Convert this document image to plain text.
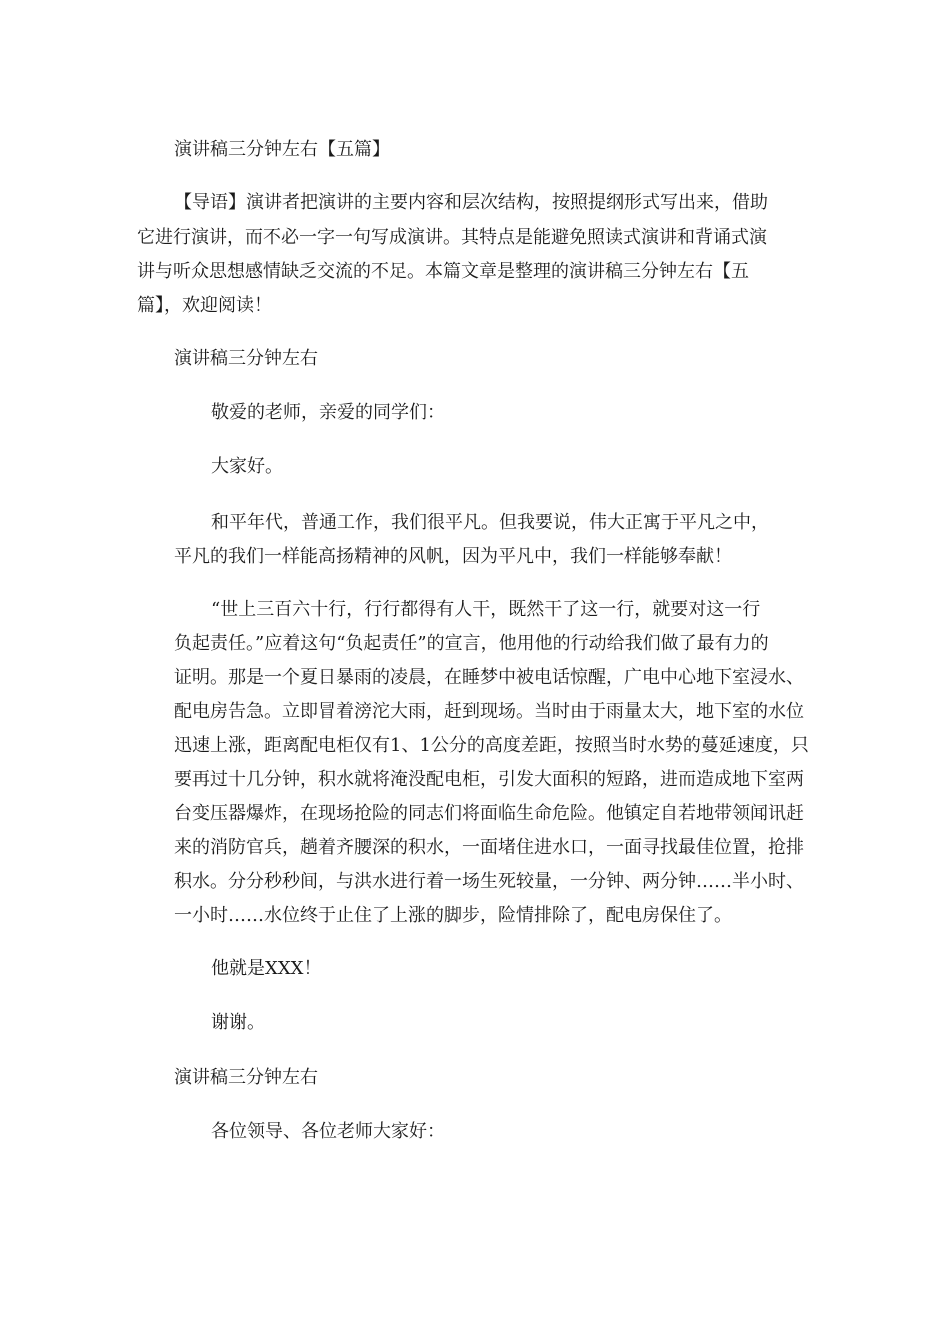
演讲稿三分钟左右【五篇】
【导语】演讲者把演讲的主要内容和层次结构，按照提纲形式写出来，借助
它进行演讲，而不必一字一句写成演讲。其特点是能避免照读式演讲和背诵式演
讲与听众思想感情缺乏交流的不足。本篇文章是整理的演讲稿三分钟左右【五
篇】，欢迎阅读！
演讲稿三分钟左右
敬爱的老师，亲爱的同学们：
大家好。
和平年代，普通工作，我们很平凡。但我要说，伟大正寓于平凡之中，
平凡的我们一样能高扬精神的风帆，因为平凡中，我们一样能够奉献！
“世上三百六十行，行行都得有人干，既然干了这一行，就要对这一行
负起责任。”应着这句“负起责任”的宣言，他用他的行动给我们做了最有力的
证明。那是一个夏日暴雨的凌晨，在睡梦中被电话惊醒，广电中心地下室浸水、
配电房告急。立即冒着滂沱大雨，赶到现场。当时由于雨量太大，地下室的水位
迅速上涨，距离配电柜仅有1、1公分的高度差距，按照当时水势的蔓延速度，只
要再过十几分钟，积水就将淹没配电柜，引发大面积的短路，进而造成地下室两
台变压器爆炸，在现场抢险的同志们将面临生命危险。他镇定自若地带领闻讯赶
来的消防官兵，趟着齐腰深的积水，一面堵住进水口，一面寻找最佳位置，抢排
积水。分分秒秒间，与洪水进行着一场生死较量，一分钟、两分钟……半小时、
一小时……水位终于止住了上涨的脚步，险情排除了，配电房保住了。
他就是XXX！
谢谢。
演讲稿三分钟左右
各位领导、各位老师大家好：
